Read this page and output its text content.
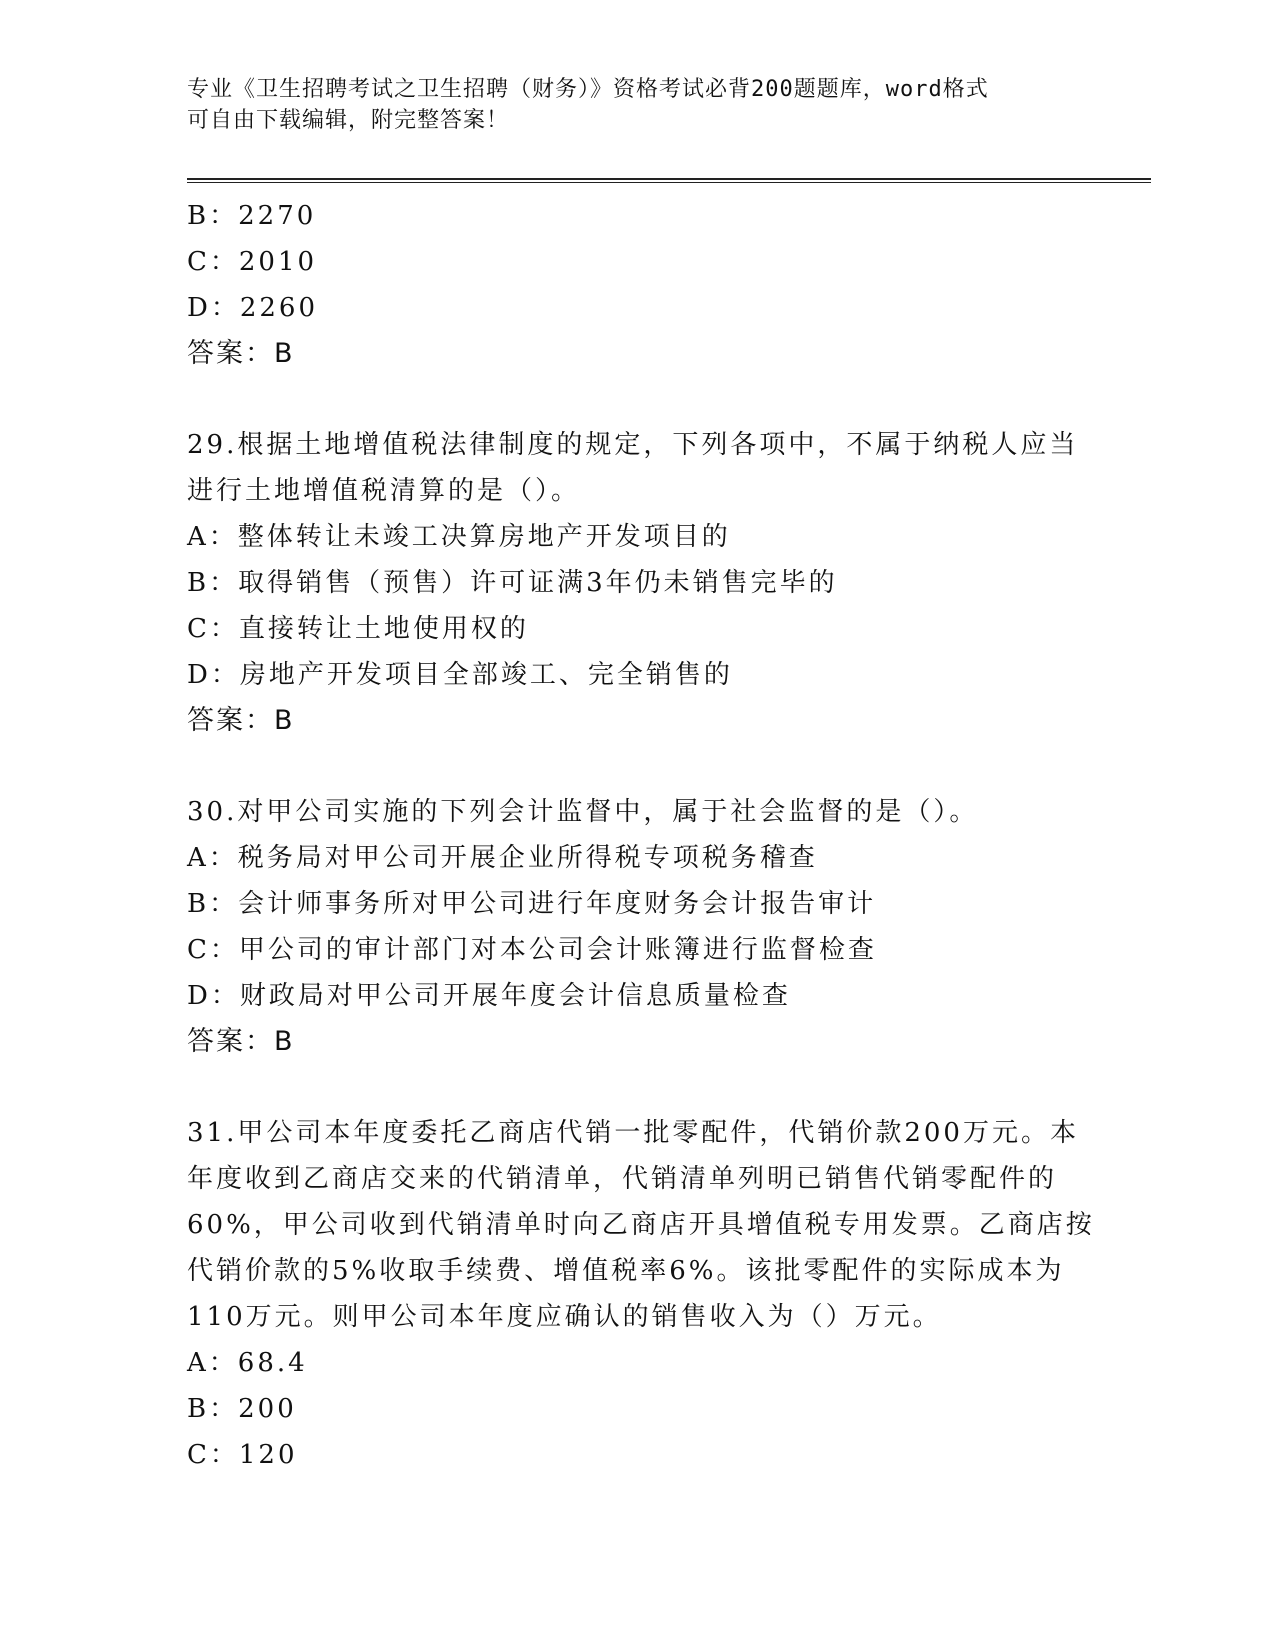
专业《卫生招聘考试之卫生招聘（财务）》资格考试必背200题题库，word格式
可自由下载编辑，附完整答案！
B：2270
C：2010
D：2260
答案：B
29.根据土地增值税法律制度的规定，下列各项中，不属于纳税人应当
进行土地增值税清算的是（）。
A：整体转让未竣工决算房地产开发项目的
B：取得销售（预售）许可证满3年仍未销售完毕的
C：直接转让土地使用权的
D：房地产开发项目全部竣工、完全销售的
答案：B
30.对甲公司实施的下列会计监督中，属于社会监督的是（）。
A：税务局对甲公司开展企业所得税专项税务稽查
B：会计师事务所对甲公司进行年度财务会计报告审计
C：甲公司的审计部门对本公司会计账簿进行监督检查
D：财政局对甲公司开展年度会计信息质量检查
答案：B
31.甲公司本年度委托乙商店代销一批零配件，代销价款200万元。本
年度收到乙商店交来的代销清单，代销清单列明已销售代销零配件的
60%，甲公司收到代销清单时向乙商店开具增值税专用发票。乙商店按
代销价款的5%收取手续费、增值税率6%。该批零配件的实际成本为
110万元。则甲公司本年度应确认的销售收入为（）万元。
A：68.4
B：200
C：120
